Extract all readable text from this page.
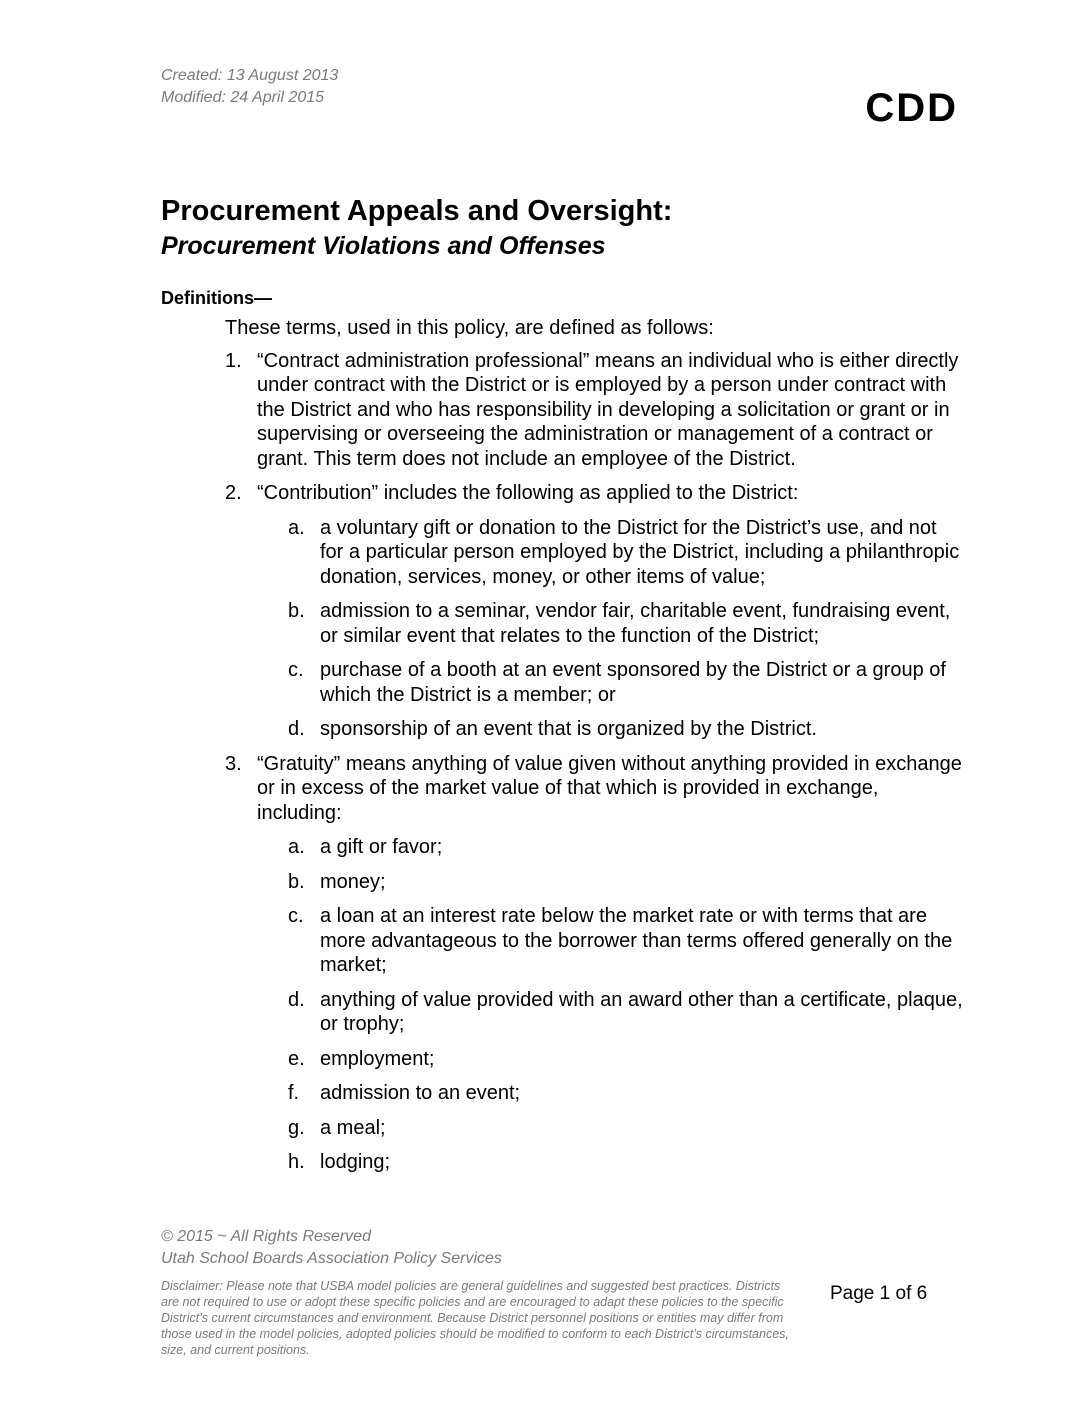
Created: 13 August 2013
Modified: 24 April 2015	CDD
Procurement Appeals and Oversight:
Procurement Violations and Offenses
Definitions—

These terms, used in this policy, are defined as follows:

1. “Contract administration professional” means an individual who is either directly under contract with the District or is employed by a person under contract with the District and who has responsibility in developing a solicitation or grant or in supervising or overseeing the administration or management of a contract or grant. This term does not include an employee of the District.
2. “Contribution” includes the following as applied to the District:
a. a voluntary gift or donation to the District for the District’s use, and not for a particular person employed by the District, including a philanthropic donation, services, money, or other items of value;
b. admission to a seminar, vendor fair, charitable event, fundraising event, or similar event that relates to the function of the District;
c. purchase of a booth at an event sponsored by the District or a group of which the District is a member; or
d. sponsorship of an event that is organized by the District.
3. “Gratuity” means anything of value given without anything provided in exchange or in excess of the market value of that which is provided in exchange, including:
a. a gift or favor;
b. money;
c. a loan at an interest rate below the market rate or with terms that are more advantageous to the borrower than terms offered generally on the market;
d. anything of value provided with an award other than a certificate, plaque, or trophy;
e. employment;
f.	admission to an event;
g. a meal;
h. lodging;
© 2015 ~ All Rights Reserved
Utah School Boards Association Policy Services
Disclaimer: Please note that USBA model policies are general guidelines and suggested best practices. Districts are not required to use or adopt these specific policies and are encouraged to adapt these policies to the specific District’s current circumstances and environment. Because District personnel positions or entities may differ from those used in the model policies, adopted policies should be modified to conform to each District’s circumstances, size, and current positions.
Page 1 of 6
